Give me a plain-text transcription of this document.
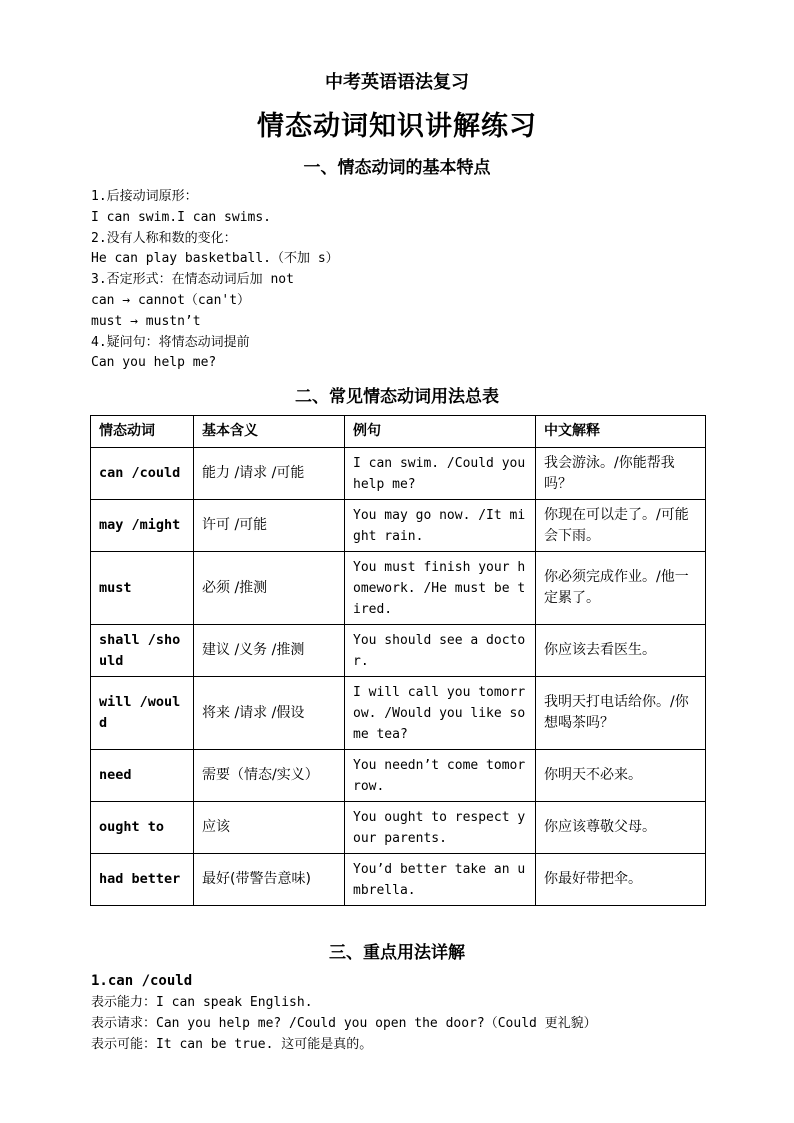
中考英语语法复习
情态动词知识讲解练习
一、情态动词的基本特点
1.后接动词原形：
I can swim.I can swims.
2.没有人称和数的变化：
He can play basketball.（不加 s）
3.否定形式：在情态动词后加 not
can → cannot（can't）
must → mustn’t
4.疑问句：将情态动词提前
Can you help me?
二、常见情态动词用法总表
情态动词	基本含义	例句	中文解释
can /could	能力 /请求 /可能	I can swim. /Could you help me?	我会游泳。/你能帮我吗？
may /might	许可 /可能	You may go now. /It might rain.	你现在可以走了。/可能会下雨。
must	必须 /推测	You must finish your homework. /He must be tired.	你必须完成作业。/他一定累了。
shall /should	建议 /义务 /推测	You should see a doctor.	你应该去看医生。
will /would	将来 /请求 /假设	I will call you tomorrow. /Would you like some tea?	我明天打电话给你。/你想喝茶吗？
need	需要（情态/实义）	You needn’t come tomorrow.	你明天不必来。
ought to	应该	You ought to respect your parents.	你应该尊敬父母。
had better	最好(带警告意味)	You’d better take an umbrella.	你最好带把伞。
三、重点用法详解
1.can /could
表示能力：I can speak English.
表示请求：Can you help me? /Could you open the door?（Could 更礼貌）
表示可能：It can be true. 这可能是真的。
